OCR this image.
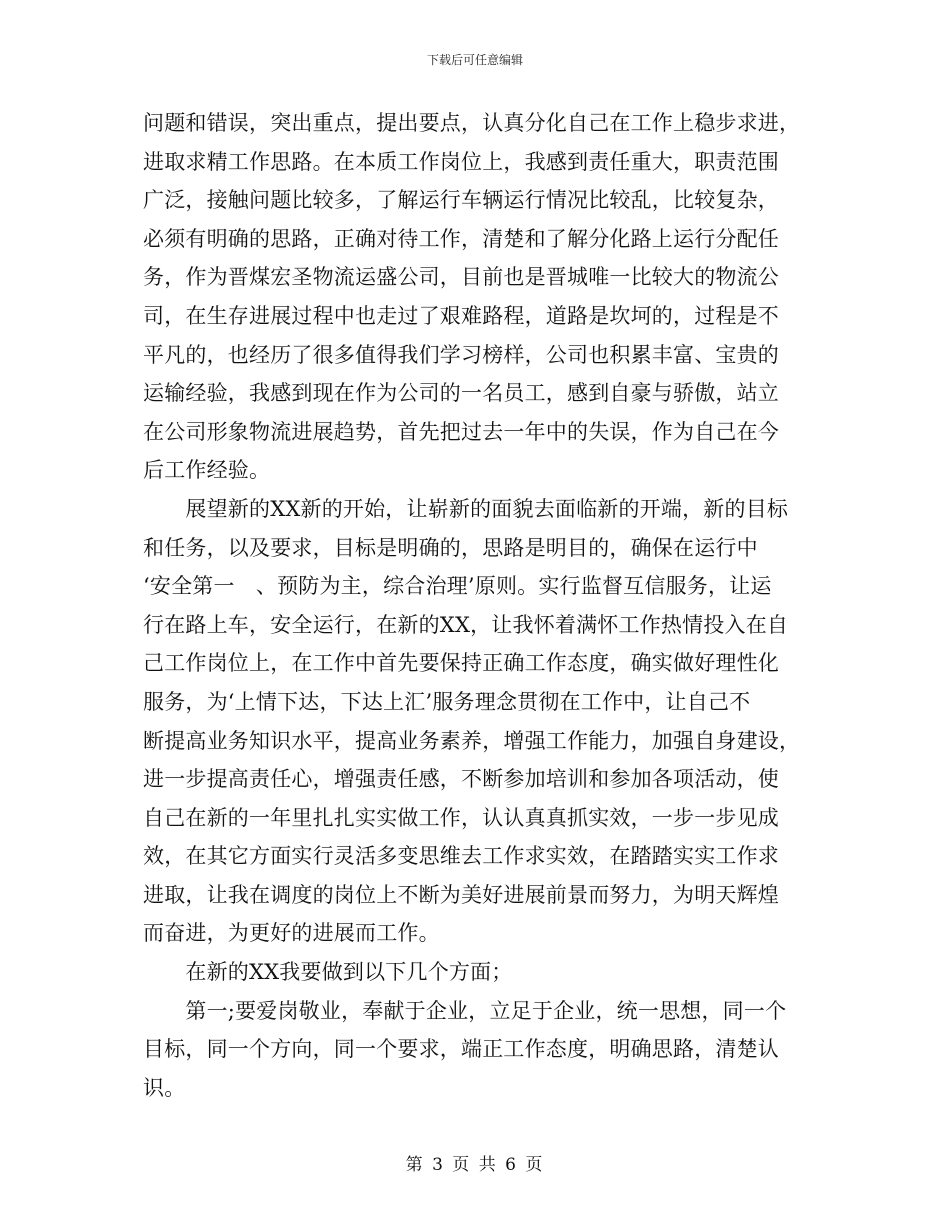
下载后可任意编辑
问题和错误，突出重点，提出要点，认真分化自己在工作上稳步求进，
进取求精工作思路。在本质工作岗位上，我感到责任重大，职责范围
广泛，接触问题比较多，了解运行车辆运行情况比较乱，比较复杂，
必须有明确的思路，正确对待工作，清楚和了解分化路上运行分配任
务，作为晋煤宏圣物流运盛公司，目前也是晋城唯一比较大的物流公
司，在生存进展过程中也走过了艰难路程，道路是坎坷的，过程是不
平凡的，也经历了很多值得我们学习榜样，公司也积累丰富、宝贵的
运输经验，我感到现在作为公司的一名员工，感到自豪与骄傲，站立
在公司形象物流进展趋势，首先把过去一年中的失误，作为自己在今
后工作经验。
　　展望新的XX新的开始，让崭新的面貌去面临新的开端，新的目标
和任务，以及要求，目标是明确的，思路是明目的，确保在运行中
‘安全第一　、预防为主，综合治理’原则。实行监督互信服务，让运
行在路上车，安全运行，在新的XX，让我怀着满怀工作热情投入在自
己工作岗位上，在工作中首先要保持正确工作态度，确实做好理性化
服务，为‘上情下达，下达上汇’服务理念贯彻在工作中，让自己不
断提高业务知识水平，提高业务素养，增强工作能力，加强自身建设，
进一步提高责任心，增强责任感，不断参加培训和参加各项活动，使
自己在新的一年里扎扎实实做工作，认认真真抓实效，一步一步见成
效，在其它方面实行灵活多变思维去工作求实效，在踏踏实实工作求
进取，让我在调度的岗位上不断为美好进展前景而努力，为明天辉煌
而奋进，为更好的进展而工作。
　　在新的XX我要做到以下几个方面；
　　第一;要爱岗敬业，奉献于企业，立足于企业，统一思想，同一个
目标，同一个方向，同一个要求，端正工作态度，明确思路，清楚认
识。
第 3 页 共 6 页
